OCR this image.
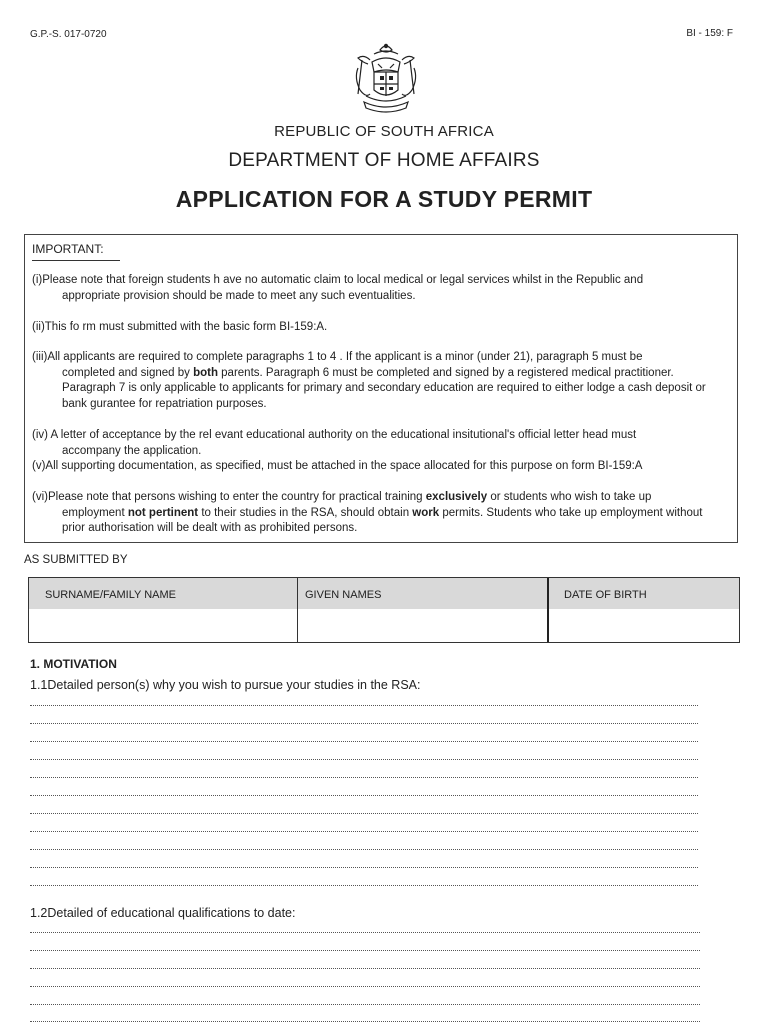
G.P.-S. 017-0720	BI - 159: F
REPUBLIC OF SOUTH AFRICA
DEPARTMENT OF HOME AFFAIRS
APPLICATION FOR A STUDY PERMIT
IMPORTANT:
(i)Please note that foreign students h ave no automatic claim to local medical or legal services whilst in the Republic and
appropriate provision should be made to meet any such eventualities.
(ii)This fo rm must submitted with the basic form BI-159:A.
(iii)All applicants are required to complete paragraphs 1 to 4 . If the applicant is a minor (under 21), paragraph 5 must be
completed and signed by both parents. Paragraph 6 must be completed and signed by a registered medical practitioner.
Paragraph 7 is only applicable to applicants for primary and secondary education are required to either lodge a cash deposit or
bank gurantee for repatriation purposes.
(iv) A letter of acceptance by the rel evant educational authority on the educational insitutional's official letter head must
accompany the application.
(v)All supporting documentation, as specified, must be attached in the space allocated for this purpose on form BI-159:A
(vi)Please note that persons wishing to enter the country for practical training exclusively or students who wish to take up
employment not pertinent to their studies in the RSA, should obtain work permits. Students who take up employment without
prior authorisation will be dealt with as prohibited persons.
AS SUBMITTED BY
SURNAME/FAMILY NAME	GIVEN NAMES	DATE OF BIRTH
1. MOTIVATION
1.1Detailed person(s) why you wish to pursue your studies in the RSA:
1.2Detailed of educational qualifications to date:
